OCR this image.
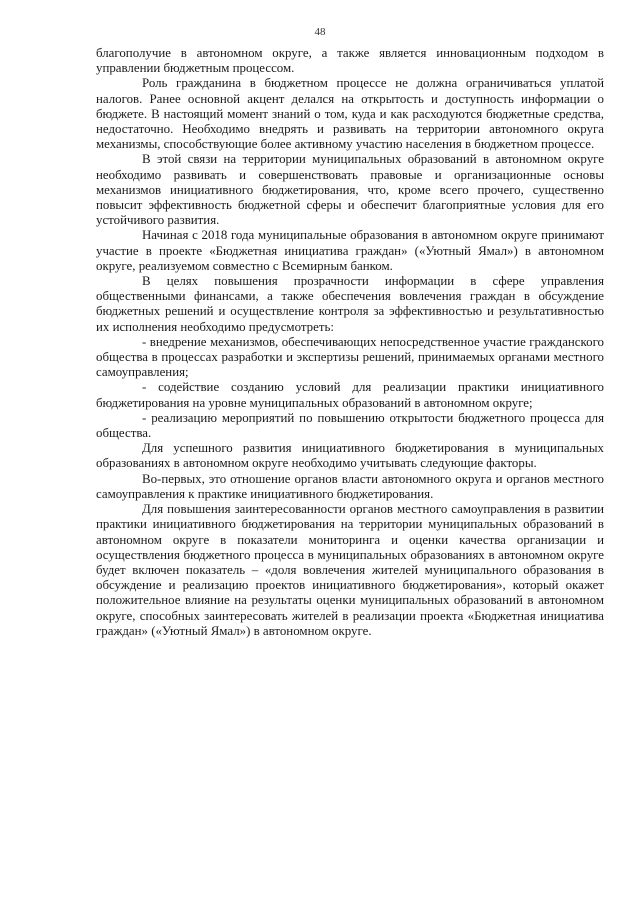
48

благополучие в автономном округе, а также является инновационным подходом в управлении бюджетным процессом.

Роль гражданина в бюджетном процессе не должна ограничиваться уплатой налогов. Ранее основной акцент делался на открытость и доступность информации о бюджете. В настоящий момент знаний о том, куда и как расходуются бюджетные средства, недостаточно. Необходимо внедрять и развивать на территории автономного округа механизмы, способствующие более активному участию населения в бюджетном процессе.

В этой связи на территории муниципальных образований в автономном округе необходимо развивать и совершенствовать правовые и организационные основы механизмов инициативного бюджетирования, что, кроме всего прочего, существенно повысит эффективность бюджетной сферы и обеспечит благоприятные условия для его устойчивого развития.

Начиная с 2018 года муниципальные образования в автономном округе принимают участие в проекте «Бюджетная инициатива граждан» («Уютный Ямал») в автономном округе, реализуемом совместно с Всемирным банком.

В целях повышения прозрачности информации в сфере управления общественными финансами, а также обеспечения вовлечения граждан в обсуждение бюджетных решений и осуществление контроля за эффективностью и результативностью их исполнения необходимо предусмотреть:

- внедрение механизмов, обеспечивающих непосредственное участие гражданского общества в процессах разработки и экспертизы решений, принимаемых органами местного самоуправления;

- содействие созданию условий для реализации практики инициативного бюджетирования на уровне муниципальных образований в автономном округе;

- реализацию мероприятий по повышению открытости бюджетного процесса для общества.

Для успешного развития инициативного бюджетирования в муниципальных образованиях в автономном округе необходимо учитывать следующие факторы.

Во-первых, это отношение органов власти автономного округа и органов местного самоуправления к практике инициативного бюджетирования.

Для повышения заинтересованности органов местного самоуправления в развитии практики инициативного бюджетирования на территории муниципальных образований в автономном округе в показатели мониторинга и оценки качества организации и осуществления бюджетного процесса в муниципальных образованиях в автономном округе будет включен показатель – «доля вовлечения жителей муниципального образования в обсуждение и реализацию проектов инициативного бюджетирования», который окажет положительное влияние на результаты оценки муниципальных образований в автономном округе, способных заинтересовать жителей в реализации проекта «Бюджетная инициатива граждан» («Уютный Ямал») в автономном округе.
